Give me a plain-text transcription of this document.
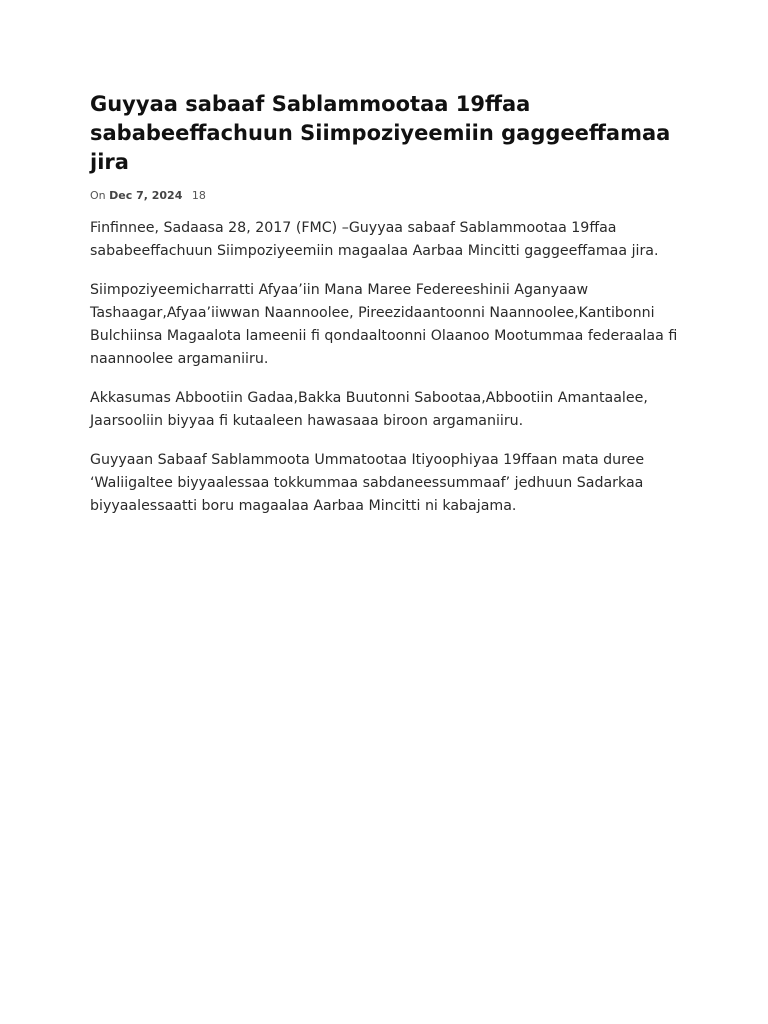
Guyyaa sabaaf Sablammootaa 19ffaa sababeeffachuun Siimpoziyeemiin gaggeeffamaa jira
On Dec 7, 2024 18

Finfinnee, Sadaasa 28, 2017 (FMC) –Guyyaa sabaaf Sablammootaa 19ffaa sababeeffachuun Siimpoziyeemiin magaalaa Aarbaa Mincitti gaggeeffamaa jira.

Siimpoziyeemicharratti Afyaa’iin Mana Maree Federeeshinii Aganyaaw Tashaagar,Afyaa’iiwwan Naannoolee, Pireezidaantoonni Naannoolee,Kantibonni Bulchiinsa Magaalota lameenii fi qondaaltoonni Olaanoo Mootummaa federaalaa fi naannoolee argamaniiru.

Akkasumas Abbootiin Gadaa,Bakka Buutonni Sabootaa,Abbootiin Amantaalee, Jaarsooliin biyyaa fi kutaaleen hawasaaa biroon argamaniiru.

Guyyaan Sabaaf Sablammoota Ummatootaa Itiyoophiyaa 19ffaan mata duree ‘Waliigaltee biyyaalessaa tokkummaa sabdaneessummaaf’ jedhuun Sadarkaa biyyaalessaatti boru magaalaa Aarbaa Mincitti ni kabajama.
